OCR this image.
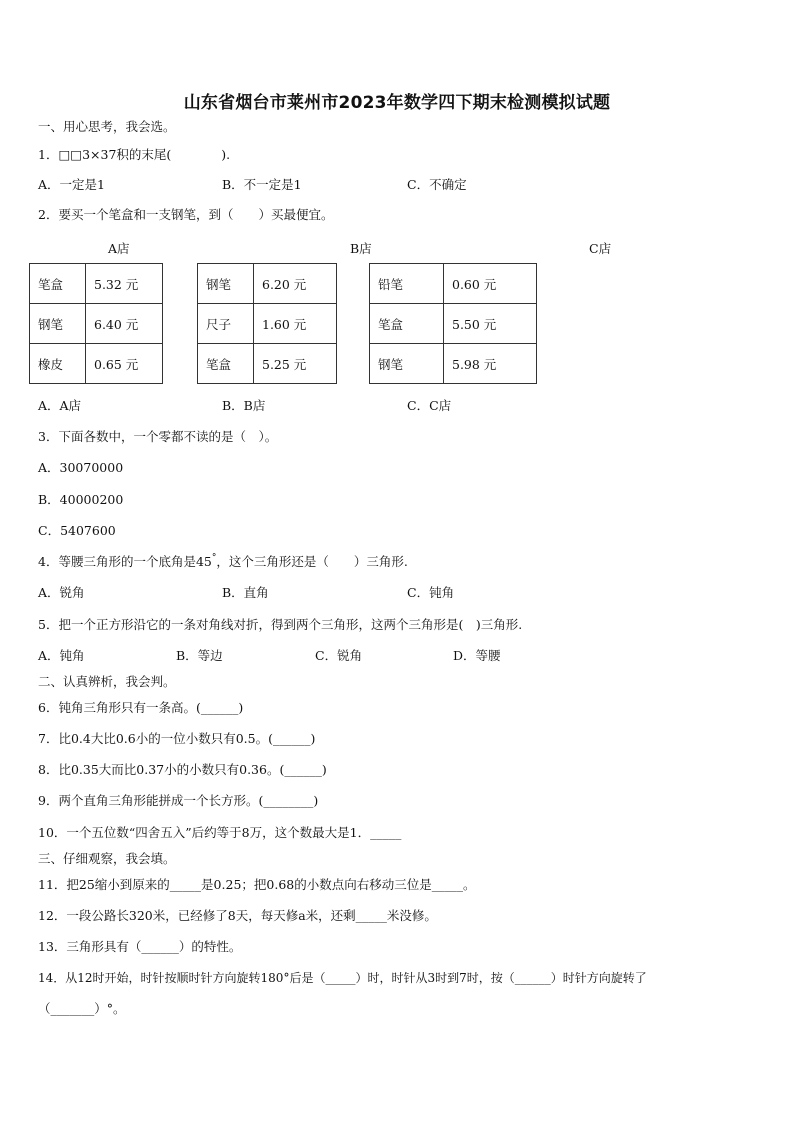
山东省烟台市莱州市2023年数学四下期末检测模拟试题
一、用心思考，我会选。
1．□□3×37积的末尾(　　　　).
A．一定是1	B．不一定是1	C．不确定
2．要买一个笔盒和一支钢笔，到（　　）买最便宜。
A店	B店	C店
笔盒	5.32 元
钢笔	6.40 元
橡皮	0.65 元
钢笔	6.20 元
尺子	1.60 元
笔盒	5.25 元
铅笔	0.60 元
笔盒	5.50 元
钢笔	5.98 元
A．A店	B．B店	C．C店
3．下面各数中，一个零都不读的是（　）。
A．30070000
B．40000200
C．5407600
4．等腰三角形的一个底角是45°，这个三角形还是（　　）三角形.
A．锐角	B．直角	C．钝角
5．把一个正方形沿它的一条对角线对折，得到两个三角形，这两个三角形是(　)三角形.
A．钝角	B．等边	C．锐角	D．等腰
二、认真辨析，我会判。
6．钝角三角形只有一条高。(______)
7．比0.4大比0.6小的一位小数只有0.5。(______)
8．比0.35大而比0.37小的小数只有0.36。(______)
9．两个直角三角形能拼成一个长方形。(________)
10．一个五位数“四舍五入”后约等于8万，这个数最大是1．_____
三、仔细观察，我会填。
11．把25缩小到原来的_____是0.25；把0.68的小数点向右移动三位是_____。
12．一段公路长320米，已经修了8天，每天修a米，还剩_____米没修。
13．三角形具有（______）的特性。
14．从12时开始，时针按顺时针方向旋转180°后是（_____）时，时针从3时到7时，按（______）时针方向旋转了
（_______）°。
